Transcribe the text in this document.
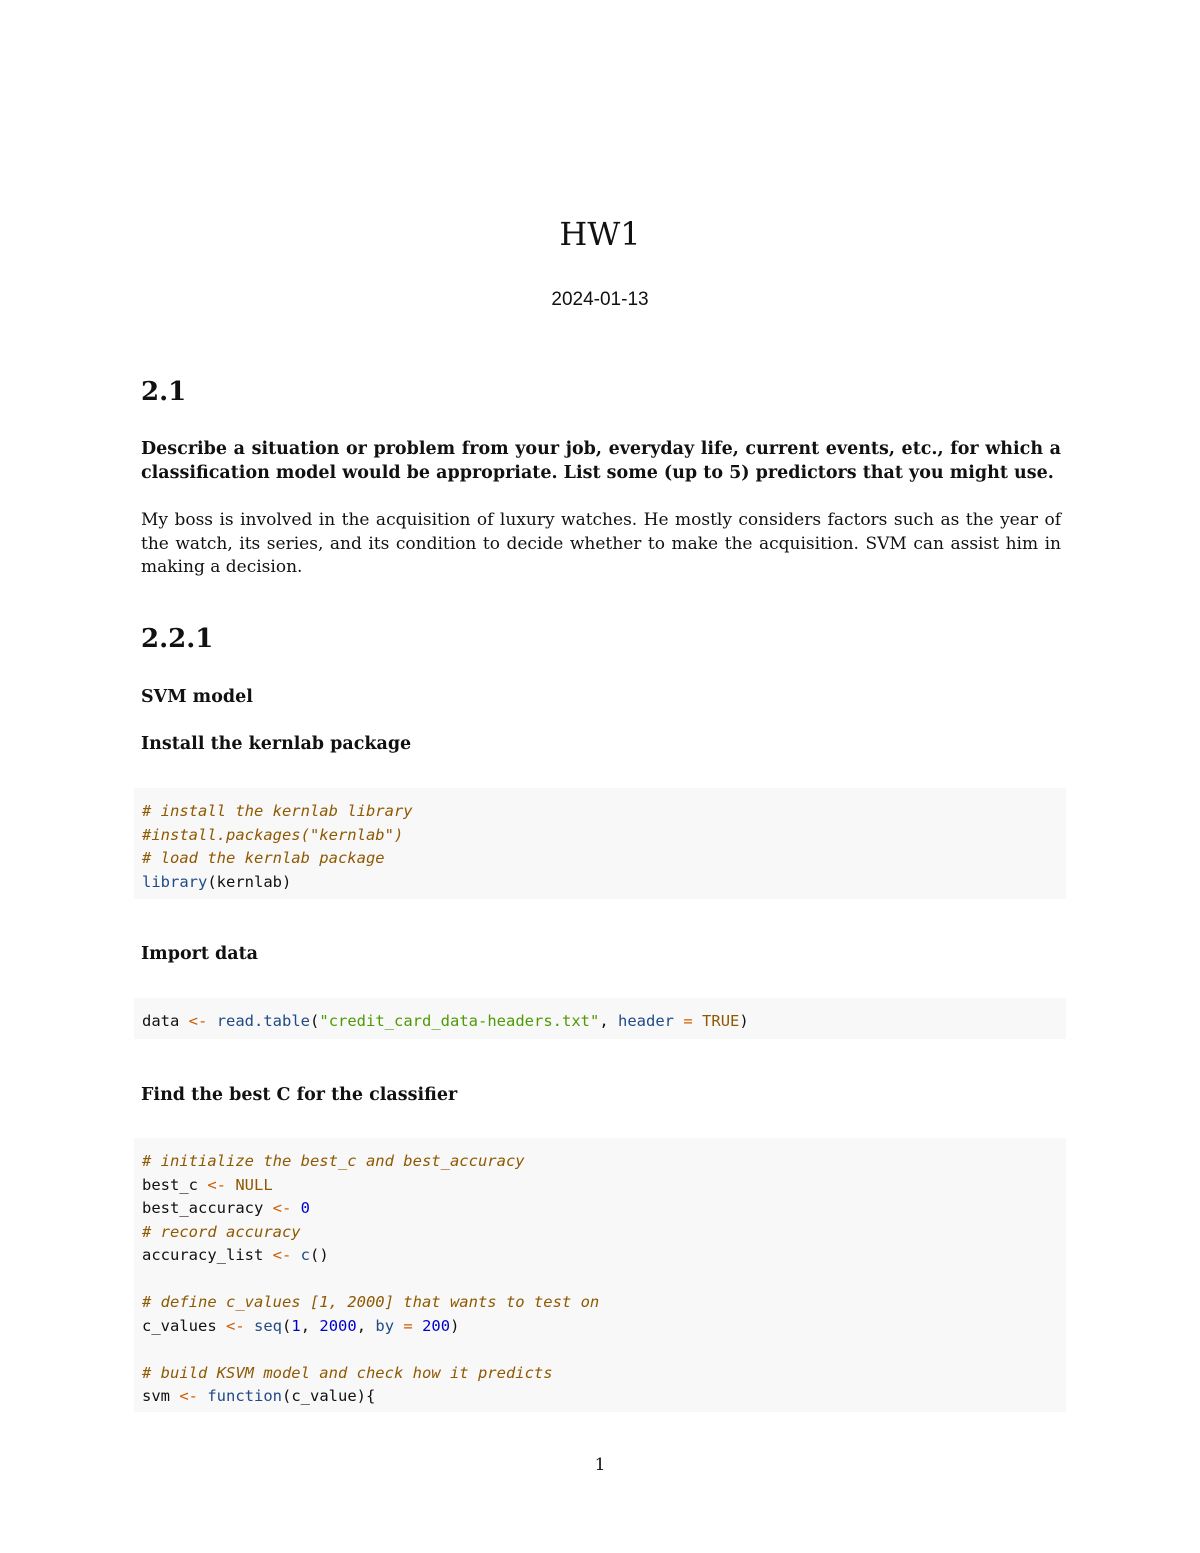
HW1
2024-01-13
2.1
Describe a situation or problem from your job, everyday life, current events, etc., for which a classification model would be appropriate. List some (up to 5) predictors that you might use.
My boss is involved in the acquisition of luxury watches. He mostly considers factors such as the year of the watch, its series, and its condition to decide whether to make the acquisition. SVM can assist him in making a decision.
2.2.1
SVM model
Install the kernlab package
# install the kernlab library
#install.packages("kernlab")
# load the kernlab package
library(kernlab)
Import data
data <- read.table("credit_card_data-headers.txt", header = TRUE)
Find the best C for the classifier
# initialize the best_c and best_accuracy
best_c <- NULL
best_accuracy <- 0
# record accuracy
accuracy_list <- c()

# define c_values [1, 2000] that wants to test on
c_values <- seq(1, 2000, by = 200)

# build KSVM model and check how it predicts
svm <- function(c_value){
1
